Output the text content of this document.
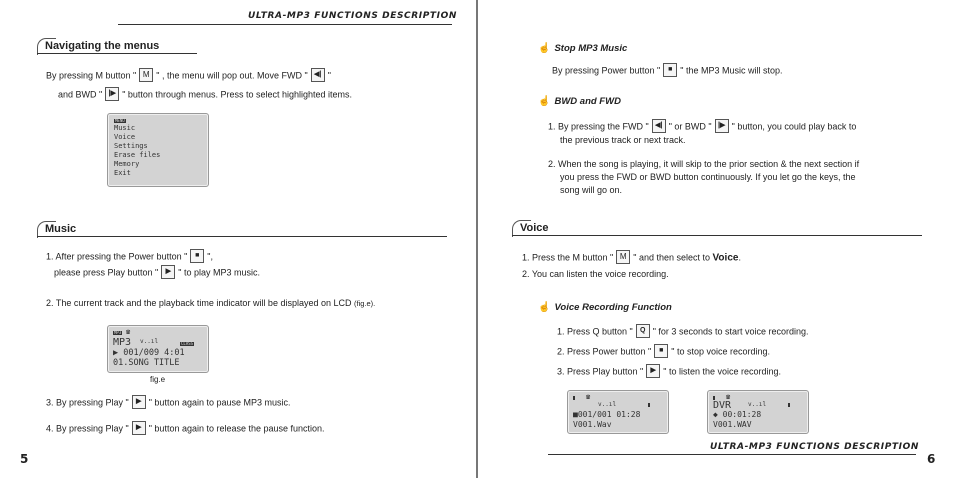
ULTRA-MP3 FUNCTIONS DESCRIPTION
Navigating the menus
By pressing M button " M " , the menu will pop out. Move FWD " ◀| "
and BWD " |▶ " button through menus. Press to select highlighted items.
MENU
Music
Voice
Settings
Erase files
Memory
Exit
Music
1. After pressing the Power button " ■ ",
please press Play button " ▶ " to play MP3 music.
2. The current track and the playback time indicator will be displayed on LCD (fig.e).
MP3 ☎
MP3 v..ıl	CLASS
▶ 001/009 4:01
01.SONG TITLE
fig.e
3. By pressing Play " ▶ " button again to pause MP3 music.
4. By pressing Play " ▶ " button again to release the pause function.
5
☝ Stop MP3 Music
By pressing Power button " ■ " the MP3 Music will stop.
☝ BWD and FWD
1. By pressing the FWD " ◀| " or BWD " |▶ " button, you could play back to
the previous track or next track.
2. When the song is playing, it will skip to the prior section & the next section if
you press the FWD or BWD button continuously. If you let go the keys, the
song will go on.
Voice
1. Press the M button " M " and then select to Voice.
2. You can listen the voice recording.
☝ Voice Recording Function
1. Press Q button " Q " for 3 seconds to start voice recording.
2. Press Power button " ■ " to stop voice recording.
3. Press Play button " ▶ " to listen the voice recording.
☎
v..ıl
■001/001 01:28
V001.Wav
☎
DVR	v..ıl
◆ 00:01:28
V001.WAV
ULTRA-MP3 FUNCTIONS DESCRIPTION
6
